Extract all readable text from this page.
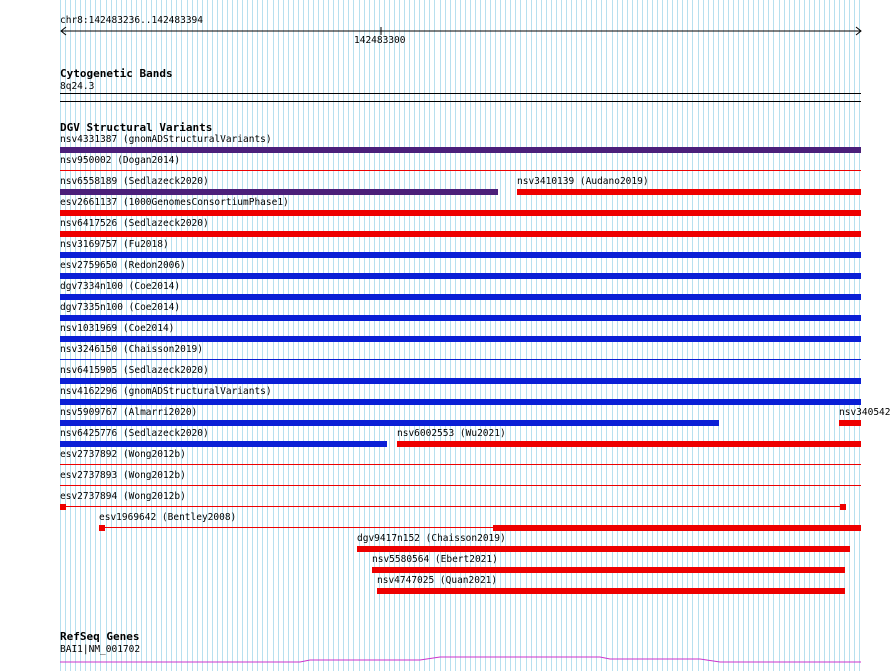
chr8:142483236..142483394
142483300
Cytogenetic Bands
8q24.3
DGV Structural Variants
nsv4331387 (gnomADStructuralVariants)
nsv950002 (Dogan2014)
nsv6558189 (Sedlazeck2020)	nsv3410139 (Audano2019)
esv2661137 (1000GenomesConsortiumPhase1)
nsv6417526 (Sedlazeck2020)
nsv3169757 (Fu2018)
esv2759650 (Redon2006)
dgv7334n100 (Coe2014)
dgv7335n100 (Coe2014)
nsv1031969 (Coe2014)
nsv3246150 (Chaisson2019)
nsv6415905 (Sedlazeck2020)
nsv4162296 (gnomADStructuralVariants)
nsv5909767 (Almarri2020)	nsv340542
nsv6425776 (Sedlazeck2020)	nsv6002553 (Wu2021)
esv2737892 (Wong2012b)
esv2737893 (Wong2012b)
esv2737894 (Wong2012b)
esv1969642 (Bentley2008)
dgv9417n152 (Chaisson2019)
nsv5580564 (Ebert2021)
nsv4747025 (Quan2021)
RefSeq Genes
BAI1|NM_001702
